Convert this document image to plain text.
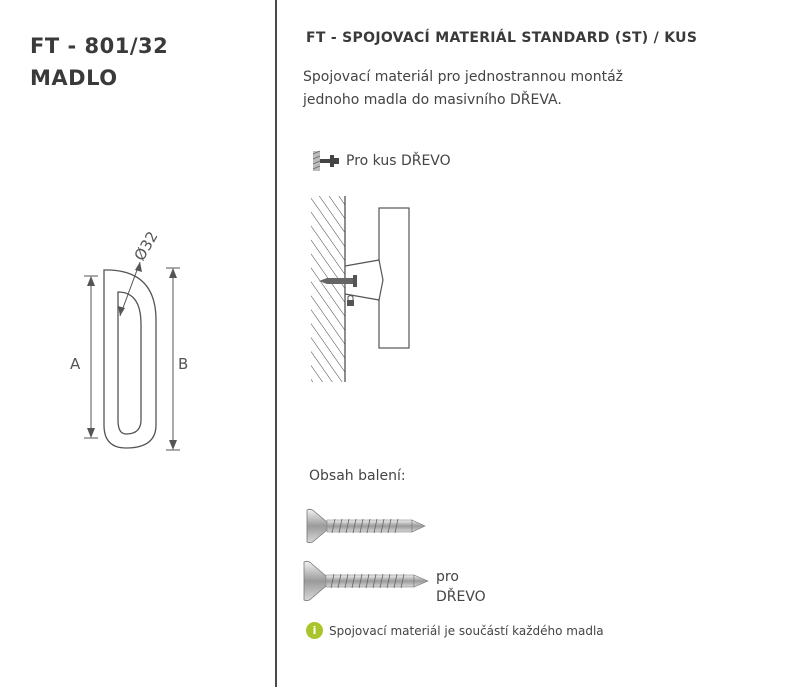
FT - 801/32
MADLO
Ø32
A	B
FT - SPOJOVACÍ MATERIÁL STANDARD (ST) / KUS
Spojovací materiál pro jednostrannou montáž
jednoho madla do masivního DŘEVA.
Pro kus DŘEVO
Obsah balení:
pro
DŘEVO
i	Spojovací materiál je součástí každého madla
